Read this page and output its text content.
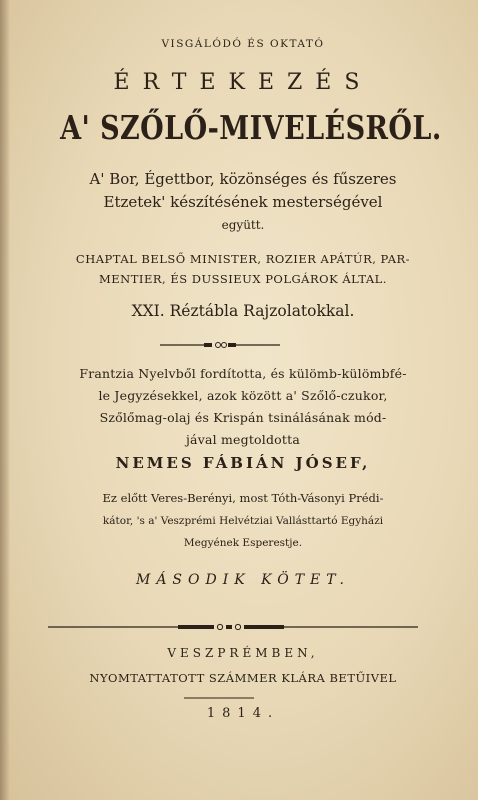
VISGÁLÓDÓ ÉS OKTATÓ
ÉRTEKEZÉS
A' SZŐLŐ-MIVELÉSRŐL.
A' Bor, Égettbor, közönséges és fűszeres
Etzetek' készítésének mesterségével
együtt.
CHAPTAL BELSŐ MINISTER, ROZIER APÁTÚR, PAR-
MENTIER, ÉS DUSSIEUX POLGÁROK ÁLTAL.
XXI. Réztábla Rajzolatokkal.
Frantzia Nyelvből fordította, és külömb-külömbfé-
le Jegyzésekkel, azok között a' Szőlő-czukor,
Szőlőmag-olaj és Krispán tsinálásának mód-
jával megtoldotta
NEMES FÁBIÁN JÓSEF,
Ez előtt Veres-Berényi, most Tóth-Vásonyi Prédi-
kátor, 's a' Veszprémi Helvétziai Vallásttartó Egyházi
Megyének Esperestje.
MÁSODIK KÖTET.
VESZPRÉMBEN,
NYOMTATTATOTT SZÁMMER KLÁRA BETŰIVEL
1814.
